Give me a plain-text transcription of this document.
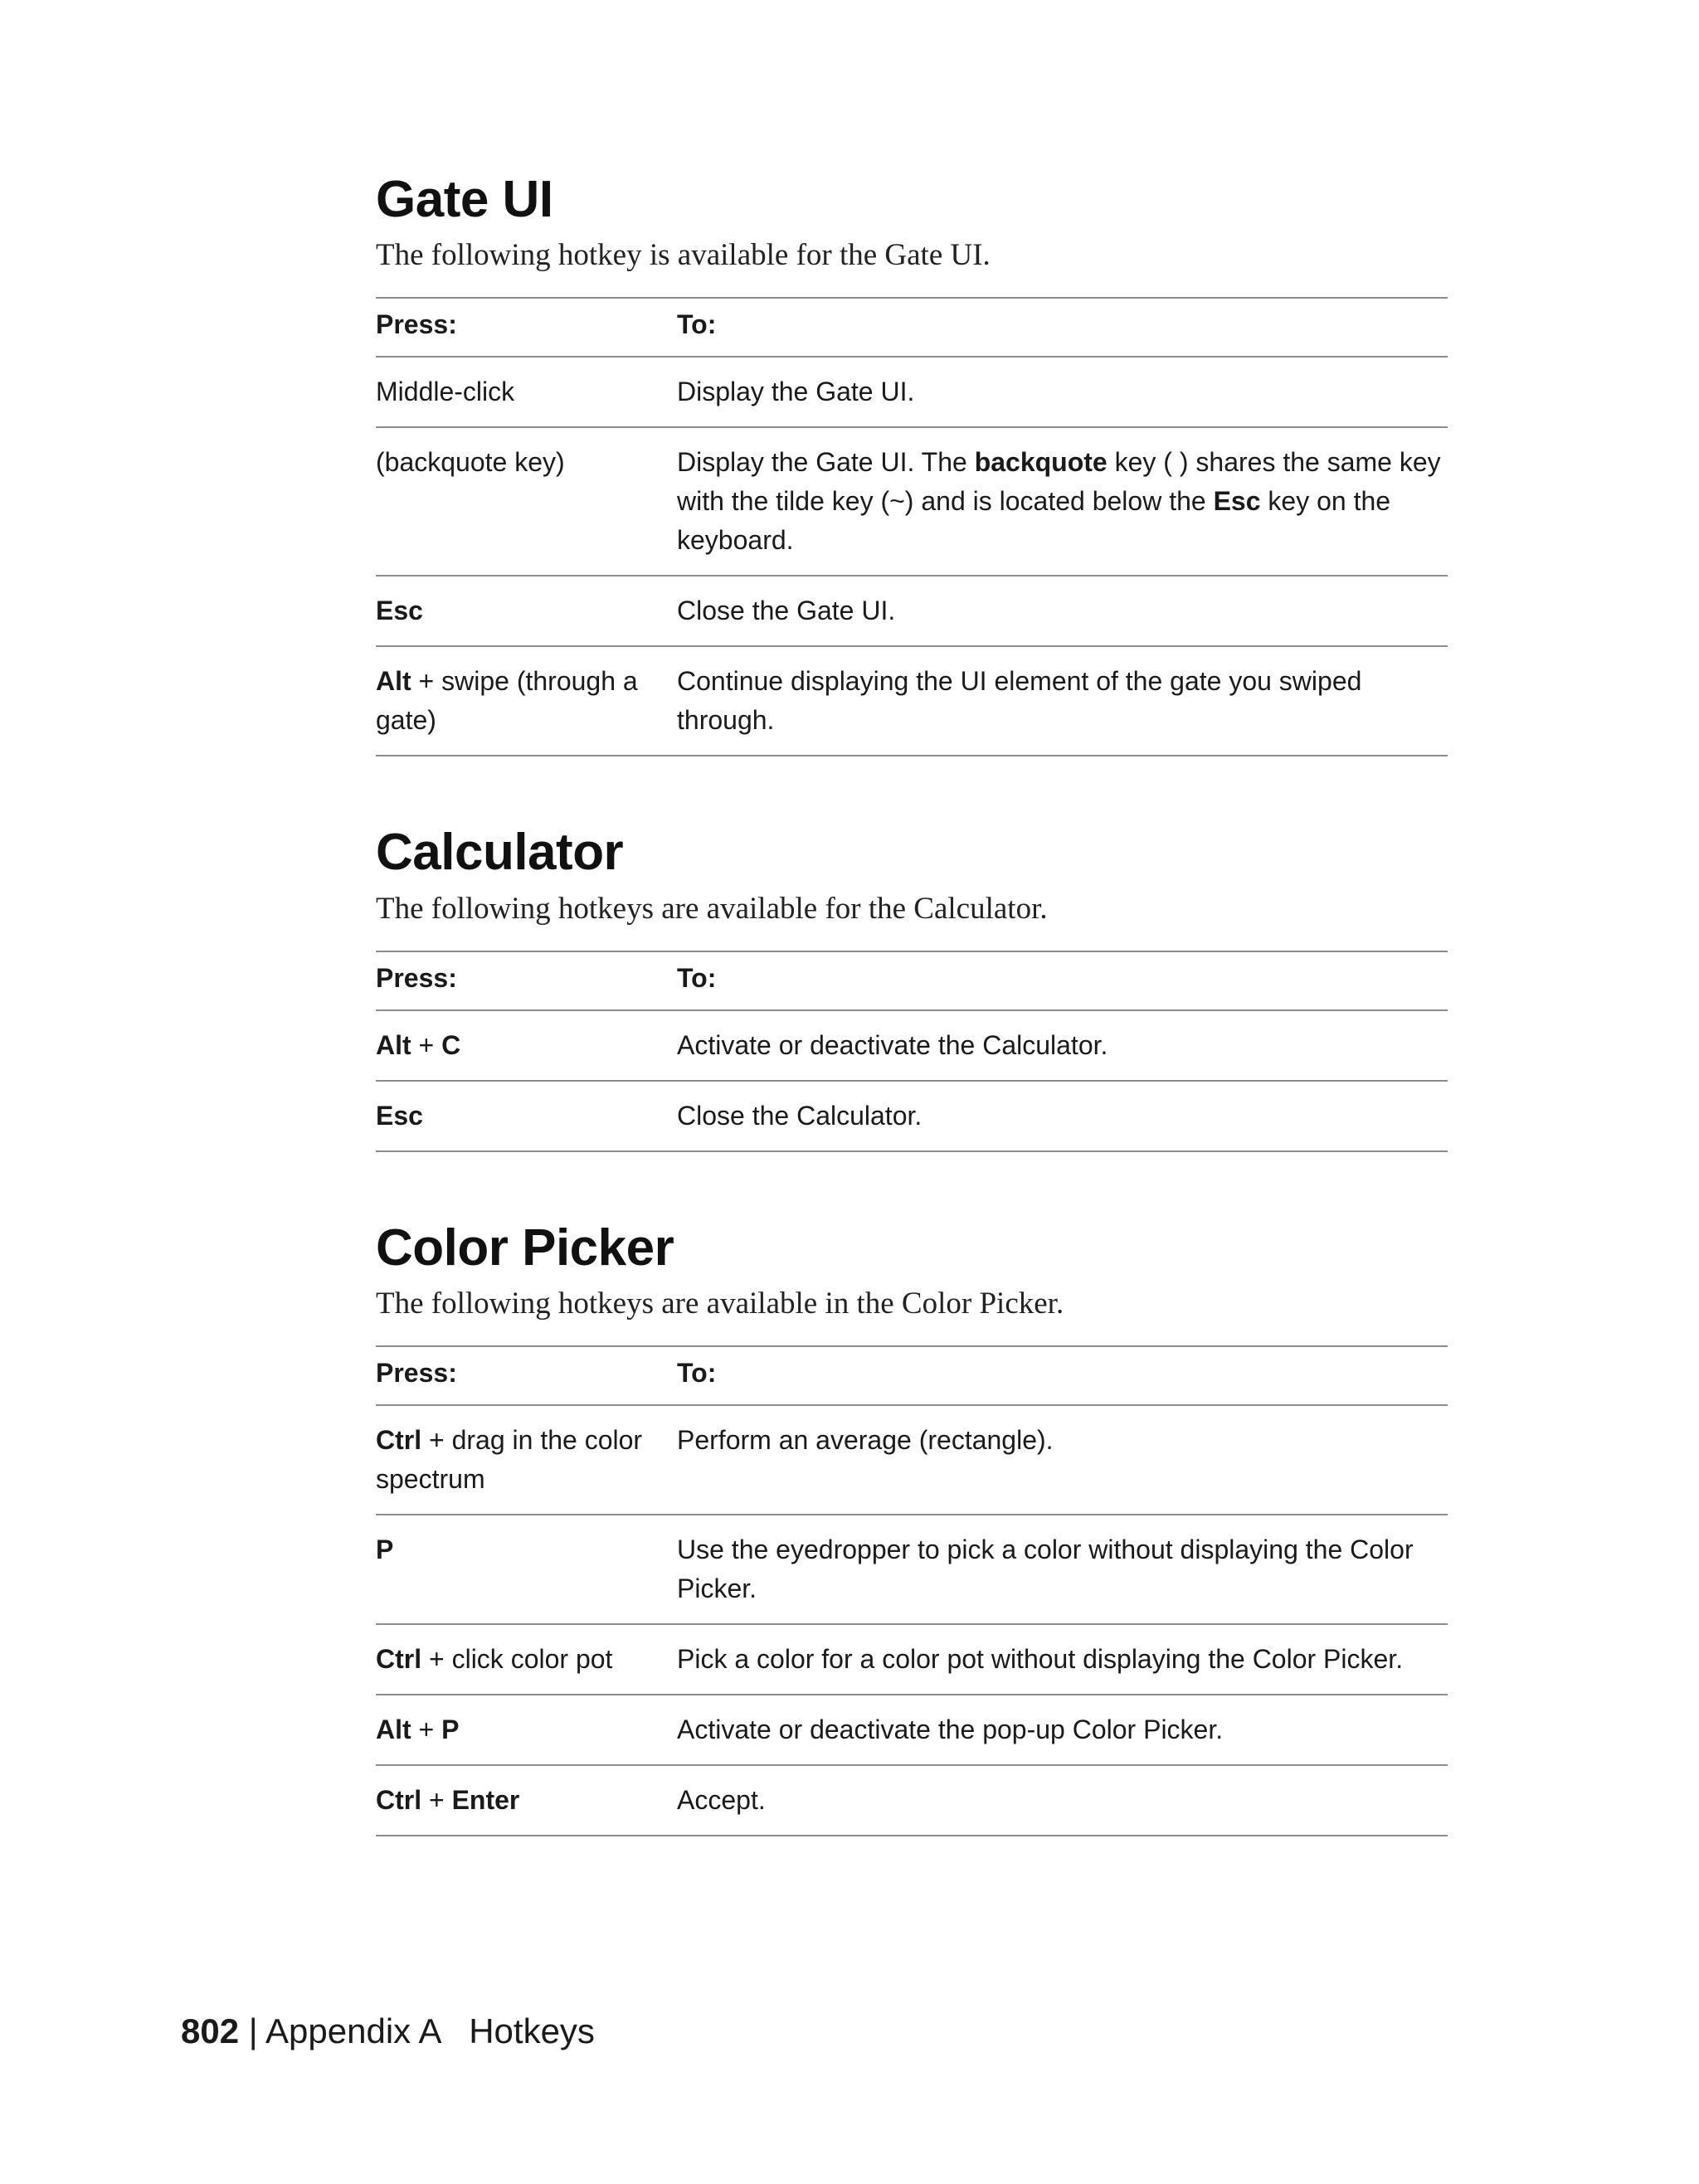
Gate UI

The following hotkey is available for the Gate UI.

Press:	To:
Middle-click	Display the Gate UI.
(backquote key)	Display the Gate UI. The backquote key ( ) shares the same key with the tilde key (~) and is located below the Esc key on the keyboard.
Esc	Close the Gate UI.
Alt + swipe (through a gate)	Continue displaying the UI element of the gate you swiped through.
Calculator

The following hotkeys are available for the Calculator.

Press:	To:
Alt + C	Activate or deactivate the Calculator.
Esc	Close the Calculator.
Color Picker

The following hotkeys are available in the Color Picker.

Press:	To:
Ctrl + drag in the color spectrum	Perform an average (rectangle).
P	Use the eyedropper to pick a color without displaying the Color Picker.
Ctrl + click color pot	Pick a color for a color pot without displaying the Color Picker.
Alt + P	Activate or deactivate the pop-up Color Picker.
Ctrl + Enter	Accept.
802 | Appendix A Hotkeys
